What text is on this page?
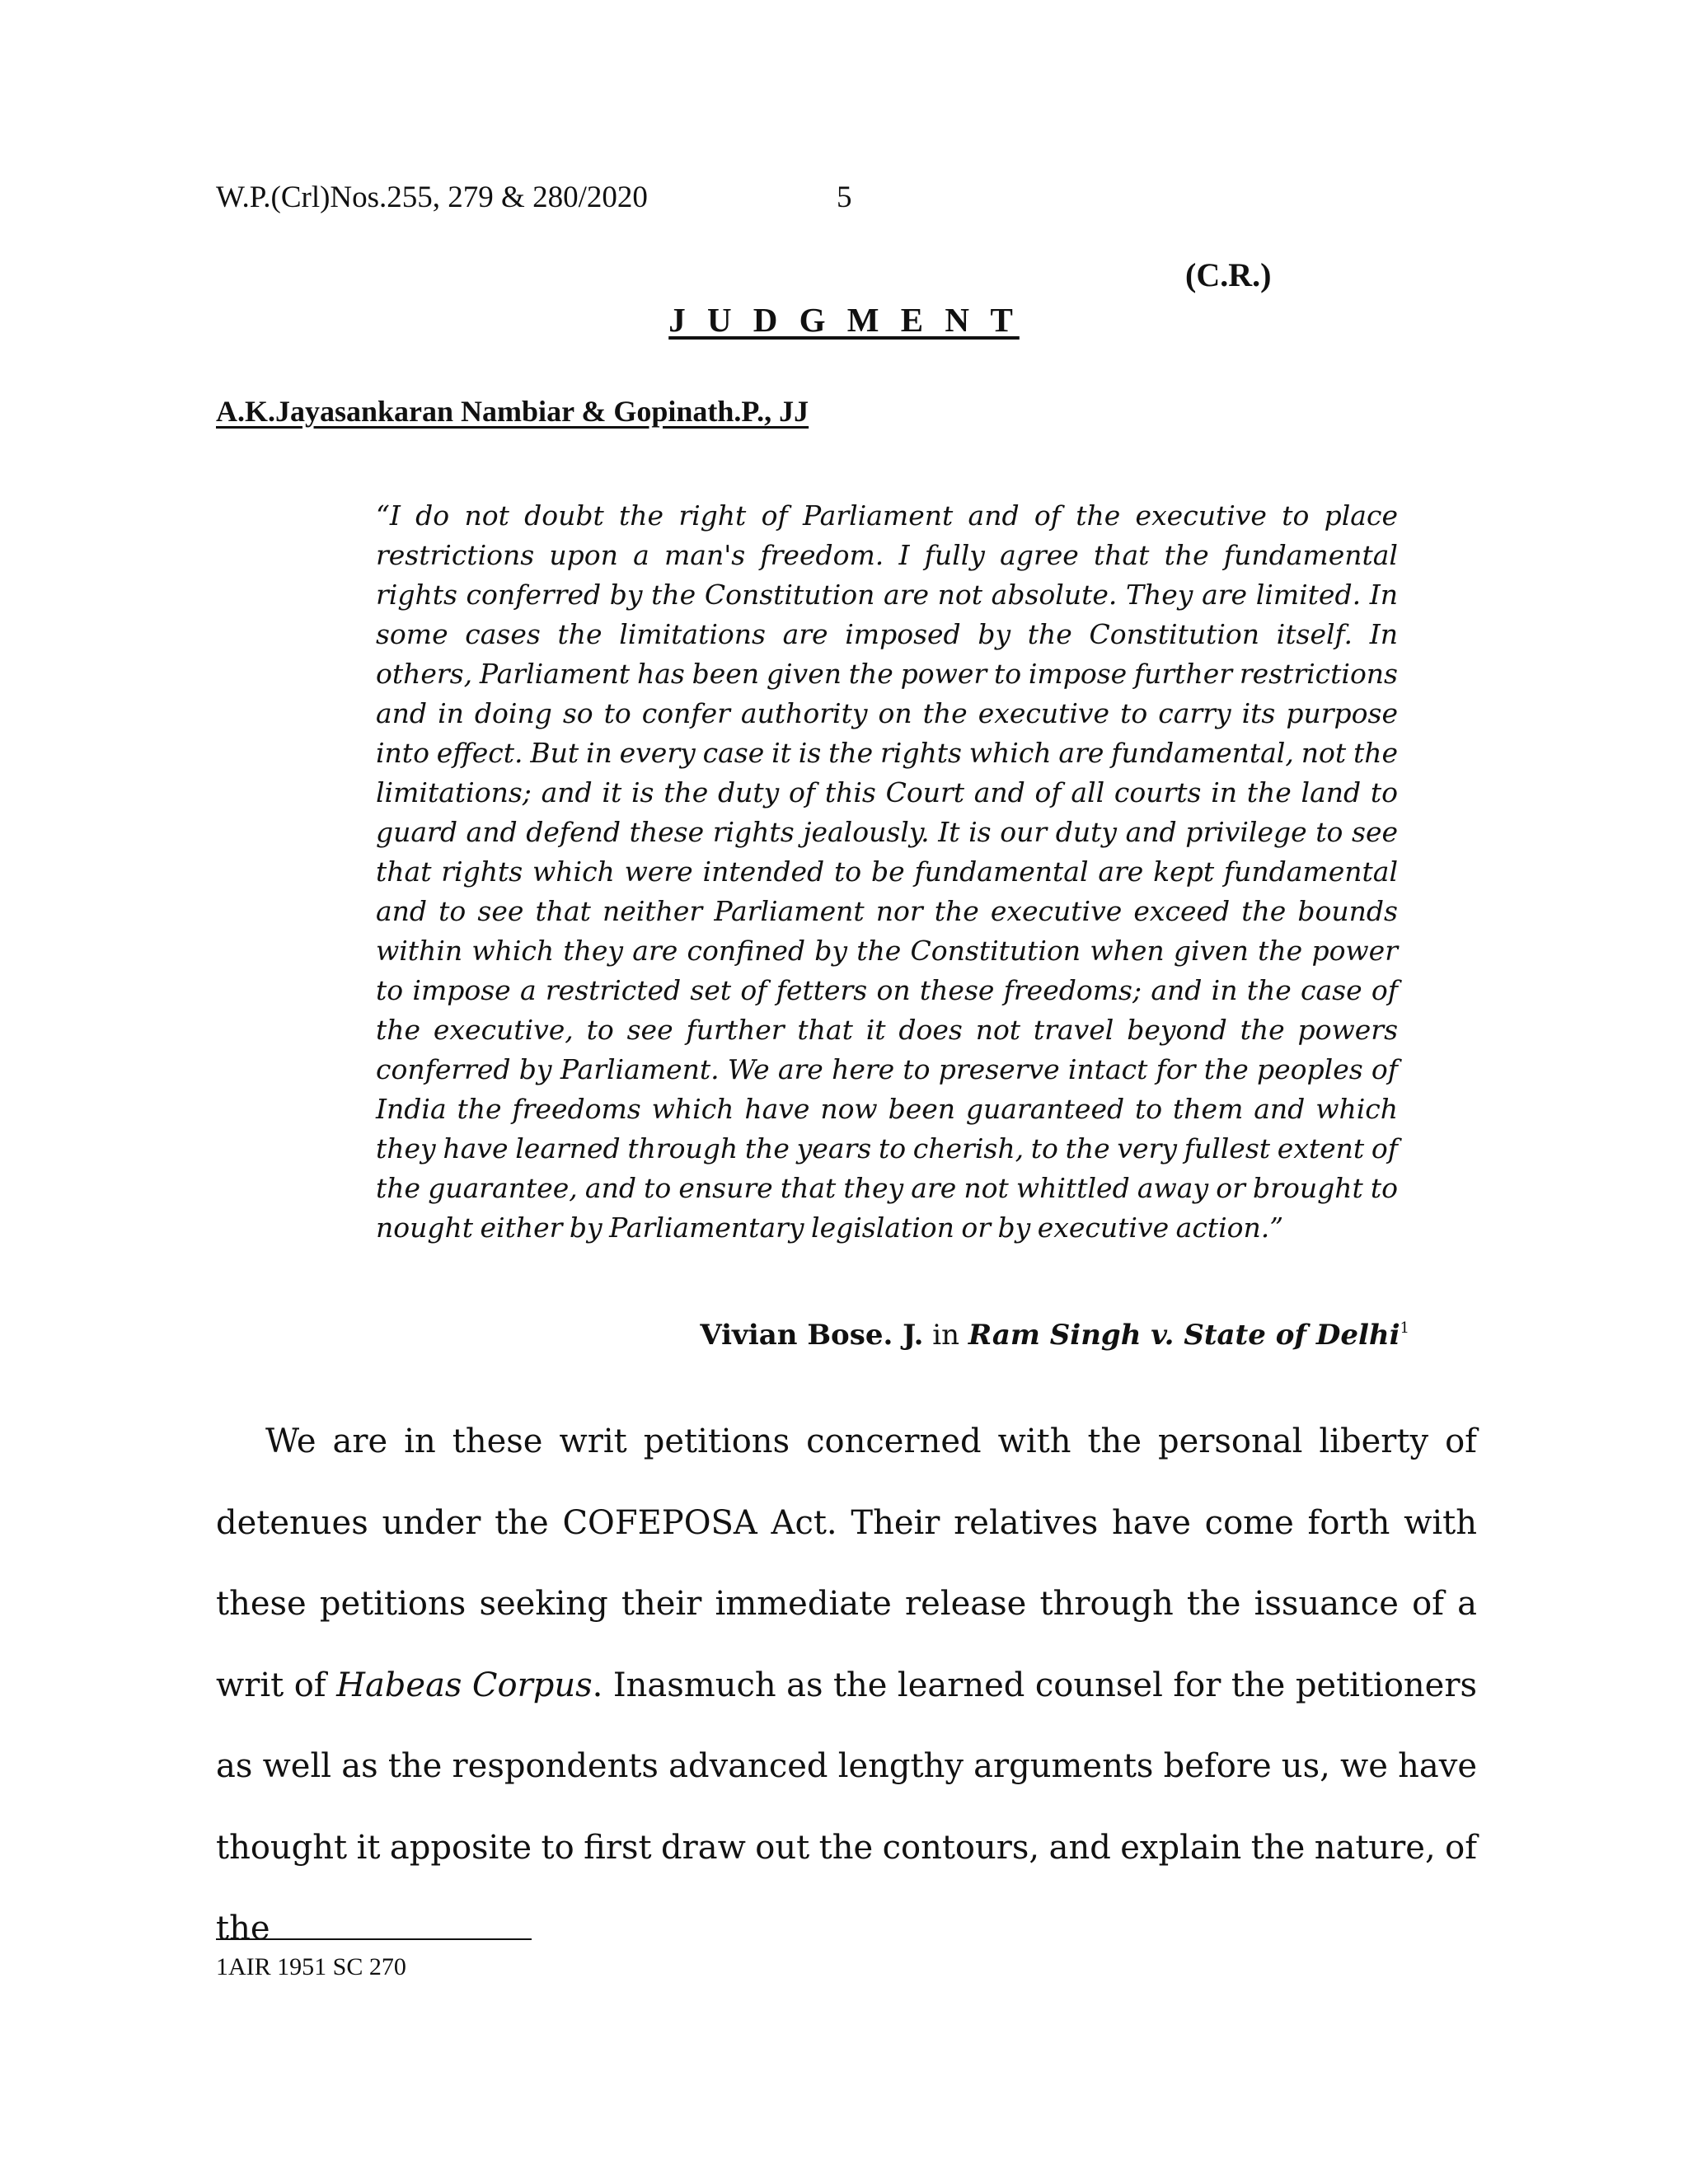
W.P.(Crl)Nos.255, 279 & 280/2020	5
(C.R.)
J U D G M E N T
A.K.Jayasankaran Nambiar & Gopinath.P., JJ
“I do not doubt the right of Parliament and of the executive to place restrictions upon a man's freedom. I fully agree that the fundamental rights conferred by the Constitution are not absolute. They are limited. In some cases the limitations are imposed by the Constitution itself. In others, Parliament has been given the power to impose further restrictions and in doing so to confer authority on the executive to carry its purpose into effect. But in every case it is the rights which are fundamental, not the limitations; and it is the duty of this Court and of all courts in the land to guard and defend these rights jealously. It is our duty and privilege to see that rights which were intended to be fundamental are kept fundamental and to see that neither Parliament nor the executive exceed the bounds within which they are confined by the Constitution when given the power to impose a restricted set of fetters on these freedoms; and in the case of the executive, to see further that it does not travel beyond the powers conferred by Parliament. We are here to preserve intact for the peoples of India the freedoms which have now been guaranteed to them and which they have learned through the years to cherish, to the very fullest extent of the guarantee, and to ensure that they are not whittled away or brought to nought either by Parliamentary legislation or by executive action.”
Vivian Bose. J. in Ram Singh v. State of Delhi$^1$
We are in these writ petitions concerned with the personal liberty of detenues under the COFEPOSA Act. Their relatives have come forth with these petitions seeking their immediate release through the issuance of a writ of Habeas Corpus. Inasmuch as the learned counsel for the petitioners as well as the respondents advanced lengthy arguments before us, we have thought it apposite to first draw out the contours, and explain the nature, of the
1AIR 1951 SC 270
